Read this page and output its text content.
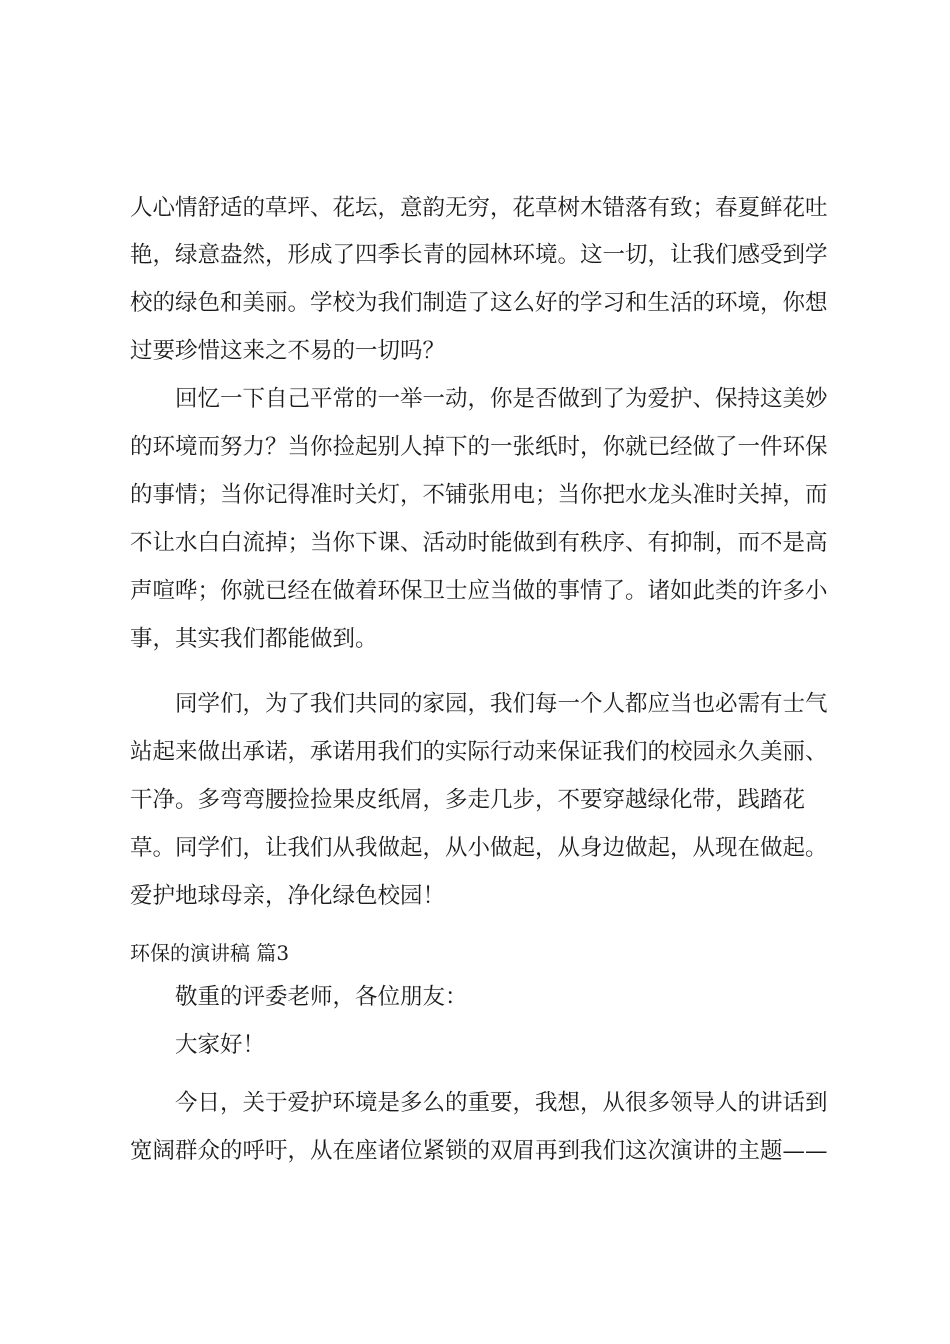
人心情舒适的草坪、花坛，意韵无穷，花草树木错落有致；春夏鲜花吐
艳，绿意盎然，形成了四季长青的园林环境。这一切，让我们感受到学
校的绿色和美丽。学校为我们制造了这么好的学习和生活的环境，你想
过要珍惜这来之不易的一切吗？
回忆一下自己平常的一举一动，你是否做到了为爱护、保持这美妙
的环境而努力？当你捡起别人掉下的一张纸时，你就已经做了一件环保
的事情；当你记得准时关灯，不铺张用电；当你把水龙头准时关掉，而
不让水白白流掉；当你下课、活动时能做到有秩序、有抑制，而不是高
声喧哗；你就已经在做着环保卫士应当做的事情了。诸如此类的许多小
事，其实我们都能做到。
同学们，为了我们共同的家园，我们每一个人都应当也必需有士气
站起来做出承诺，承诺用我们的实际行动来保证我们的校园永久美丽、
干净。多弯弯腰捡捡果皮纸屑，多走几步，不要穿越绿化带，践踏花
草。同学们，让我们从我做起，从小做起，从身边做起，从现在做起。
爱护地球母亲，净化绿色校园！
环保的演讲稿 篇3
敬重的评委老师，各位朋友：
大家好！
今日，关于爱护环境是多么的重要，我想，从很多领导人的讲话到
宽阔群众的呼吁，从在座诸位紧锁的双眉再到我们这次演讲的主题——
